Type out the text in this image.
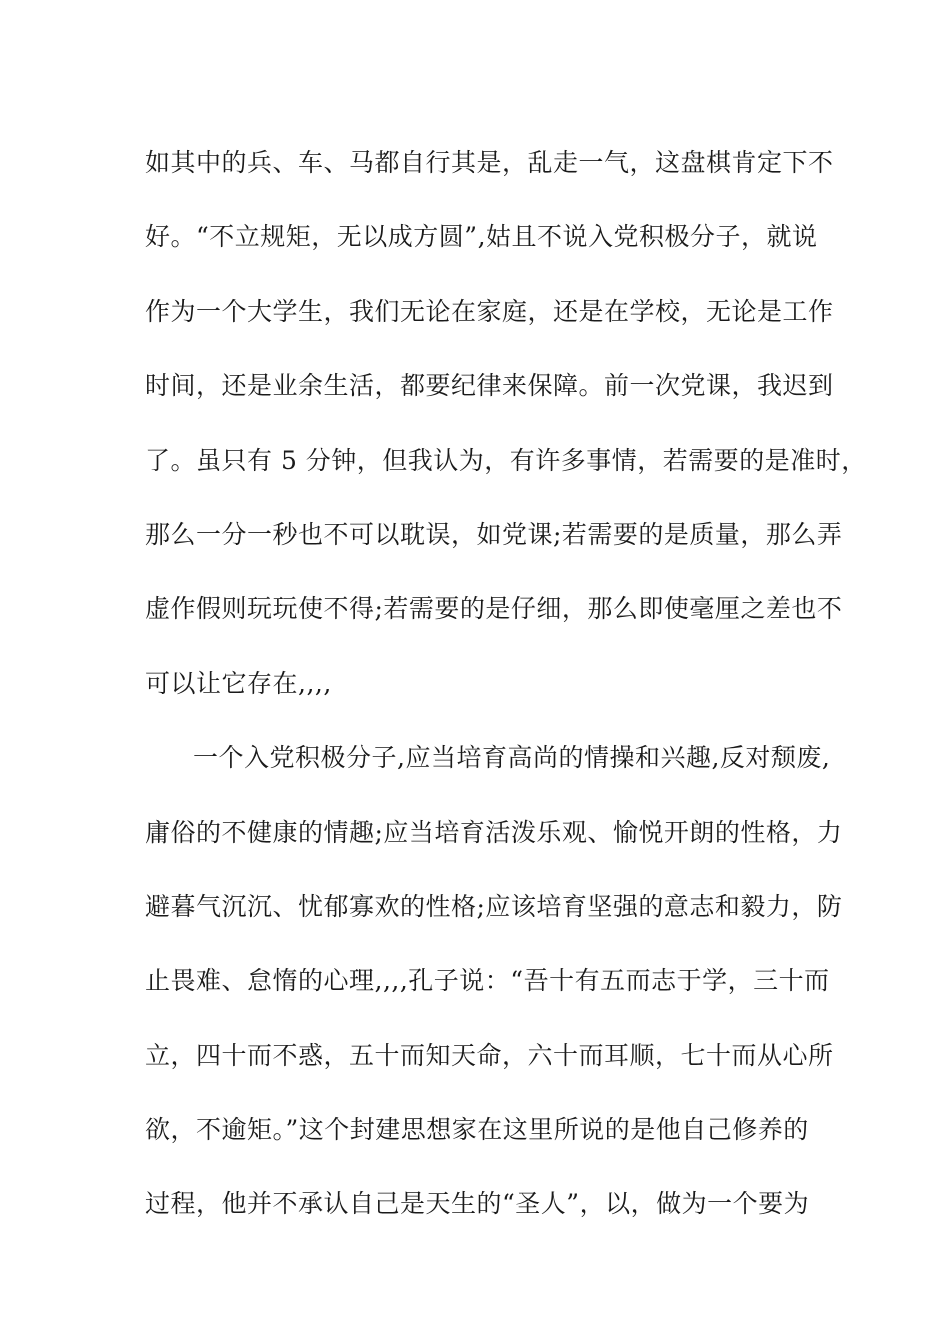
如其中的兵、车、马都自行其是，乱走一气，这盘棋肯定下不
好。“不立规矩，无以成方圆”,姑且不说入党积极分子，就说
作为一个大学生，我们无论在家庭，还是在学校，无论是工作
时间，还是业余生活，都要纪律来保障。前一次党课，我迟到
了。虽只有 5 分钟，但我认为，有许多事情，若需要的是准时，
那么一分一秒也不可以耽误，如党课;若需要的是质量，那么弄
虚作假则玩玩使不得;若需要的是仔细，那么即使毫厘之差也不
可以让它存在,,,,
一个入党积极分子,应当培育高尚的情操和兴趣,反对颓废,
庸俗的不健康的情趣;应当培育活泼乐观、愉悦开朗的性格，力
避暮气沉沉、忧郁寡欢的性格;应该培育坚强的意志和毅力，防
止畏难、怠惰的心理,,,,孔子说：“吾十有五而志于学，三十而
立，四十而不惑，五十而知天命，六十而耳顺，七十而从心所
欲，不逾矩。”这个封建思想家在这里所说的是他自己修养的
过程，他并不承认自己是天生的“圣人”，以，做为一个要为
